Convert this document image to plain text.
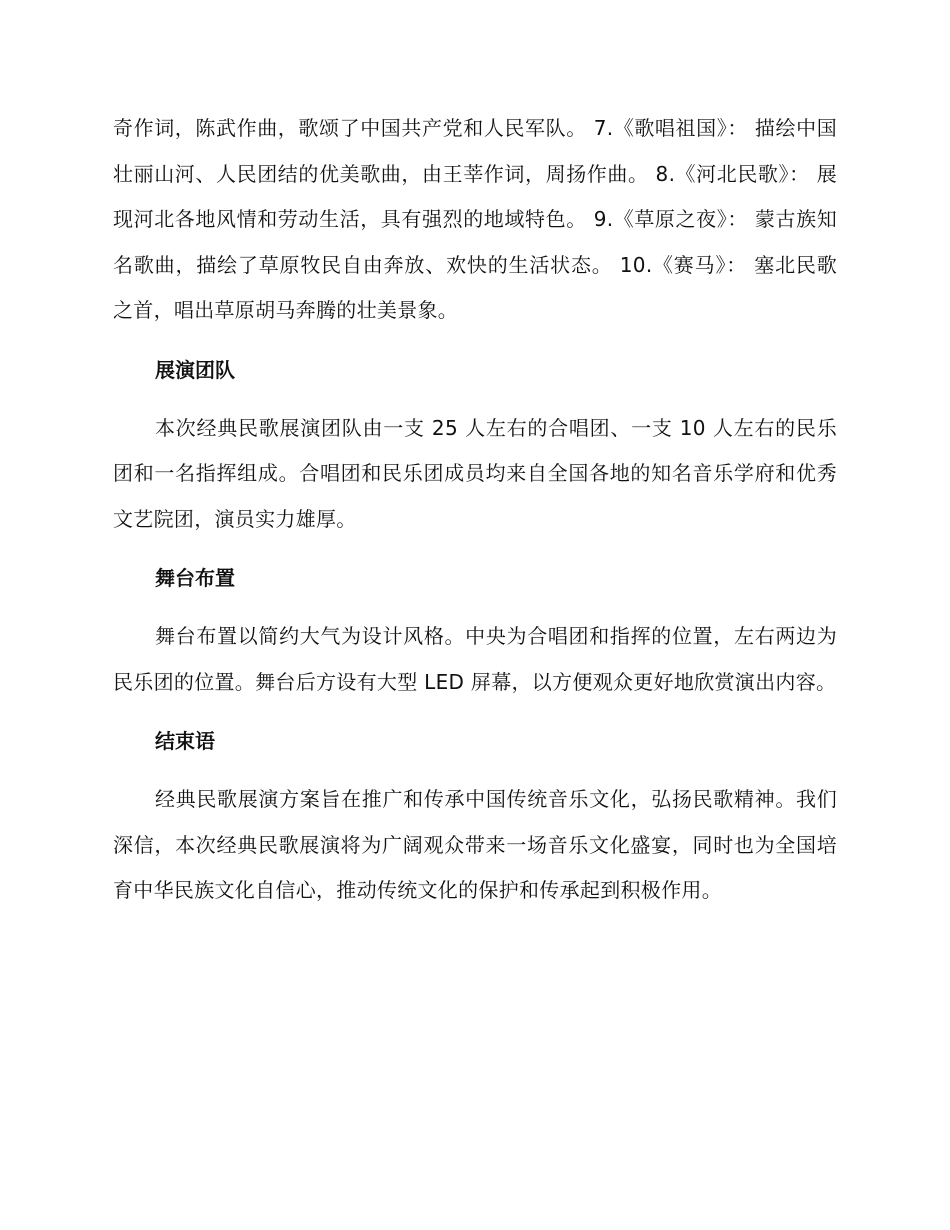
奇作词，陈武作曲，歌颂了中国共产党和人民军队。 7.《歌唱祖国》： 描绘中国壮丽山河、人民团结的优美歌曲，由王莘作词，周扬作曲。 8.《河北民歌》： 展现河北各地风情和劳动生活，具有强烈的地域特色。 9.《草原之夜》： 蒙古族知名歌曲，描绘了草原牧民自由奔放、欢快的生活状态。 10.《赛马》： 塞北民歌之首，唱出草原胡马奔腾的壮美景象。

展演团队

本次经典民歌展演团队由一支 25 人左右的合唱团、一支 10 人左右的民乐团和一名指挥组成。合唱团和民乐团成员均来自全国各地的知名音乐学府和优秀文艺院团，演员实力雄厚。

舞台布置

舞台布置以简约大气为设计风格。中央为合唱团和指挥的位置，左右两边为民乐团的位置。舞台后方设有大型 LED 屏幕，以方便观众更好地欣赏演出内容。

结束语

经典民歌展演方案旨在推广和传承中国传统音乐文化，弘扬民歌精神。我们深信，本次经典民歌展演将为广阔观众带来一场音乐文化盛宴，同时也为全国培育中华民族文化自信心，推动传统文化的保护和传承起到积极作用。
